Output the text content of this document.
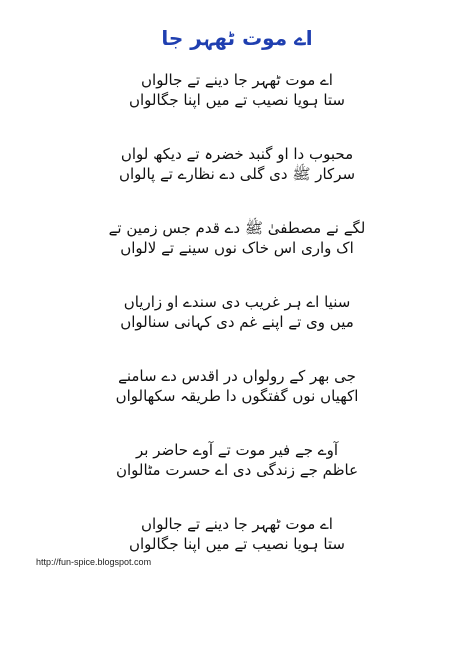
اے موت ٹھہر جا
اے موت ٹھہر جا دینے تے جالواں
ستا ہویا نصیب تے میں اپنا جگالواں
محبوب دا او گنبد خضرہ تے دیکھ لواں
سرکار ﷺ دی گلی دے نظارے تے پالواں
لگے نے مصطفیٰ ﷺ دے قدم جس زمین تے
اک واری اس خاک نوں سینے تے لالواں
سنیا اے ہر غریب دی سندے او زاریاں
میں وی تے اپنے غم دی کہانی سنالواں
جی بھر کے رولواں در اقدس دے سامنے
اکھیاں نوں گفتگوں دا طریقہ سکھالواں
آوے جے فیر موت تے آوے حاضر بر
عاظم جے زندگی دی اے حسرت مٹالوان
اے موت ٹھہر جا دینے تے جالواں
ستا ہویا نصیب تے میں اپنا جگالواں
http://fun-spice.blogspot.com
